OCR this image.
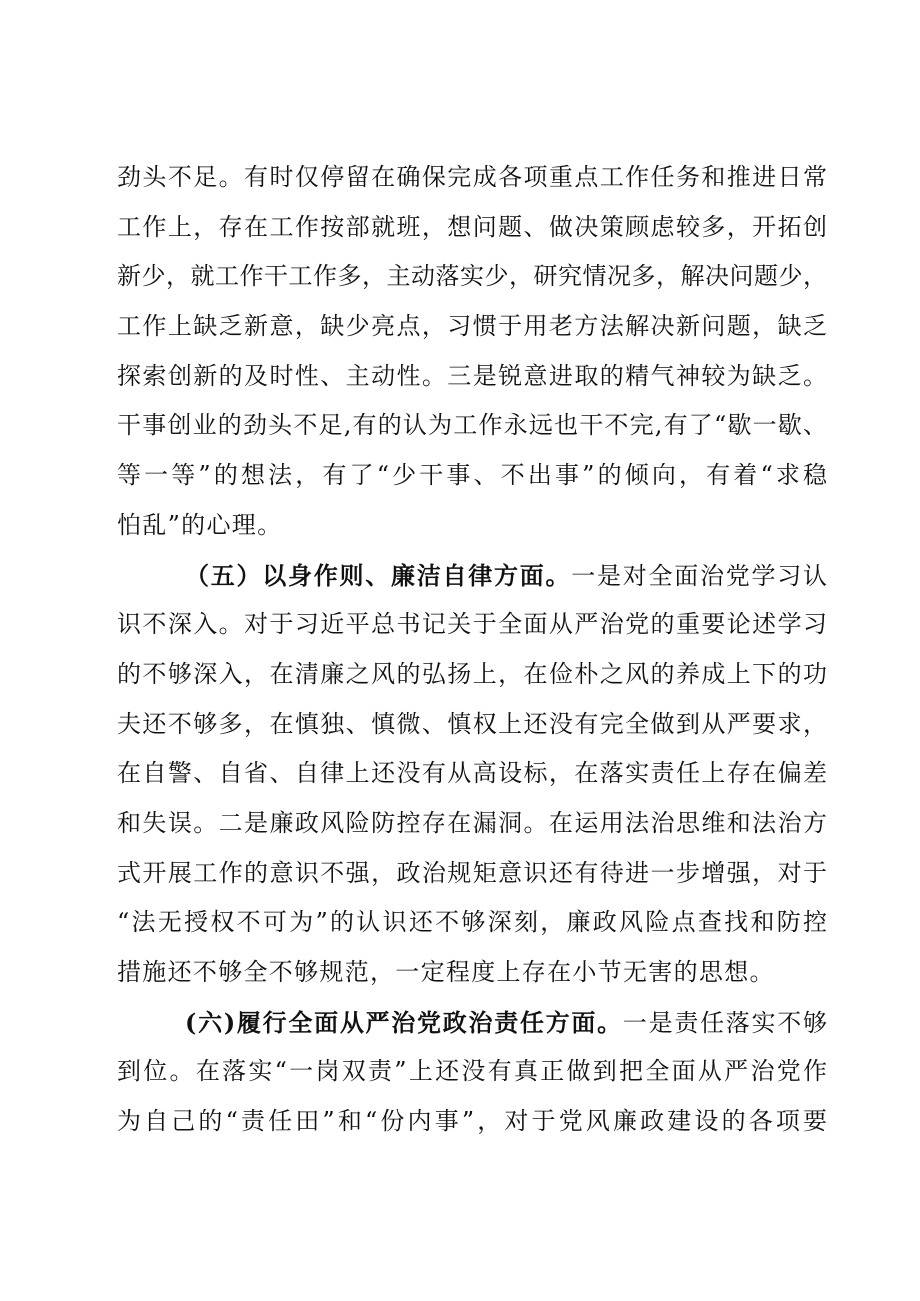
劲头不足。有时仅停留在确保完成各项重点工作任务和推进日常
工作上，存在工作按部就班，想问题、做决策顾虑较多，开拓创
新少，就工作干工作多，主动落实少，研究情况多，解决问题少，
工作上缺乏新意，缺少亮点，习惯于用老方法解决新问题，缺乏
探索创新的及时性、主动性。三是锐意进取的精气神较为缺乏。
干事创业的劲头不足,有的认为工作永远也干不完,有了“歇一歇、
等一等”的想法，有了“少干事、不出事”的倾向，有着“求稳
怕乱”的心理。
（五）以身作则、廉洁自律方面。一是对全面治党学习认
识不深入。对于习近平总书记关于全面从严治党的重要论述学习
的不够深入，在清廉之风的弘扬上，在俭朴之风的养成上下的功
夫还不够多，在慎独、慎微、慎权上还没有完全做到从严要求，
在自警、自省、自律上还没有从高设标，在落实责任上存在偏差
和失误。二是廉政风险防控存在漏洞。在运用法治思维和法治方
式开展工作的意识不强，政治规矩意识还有待进一步增强，对于
“法无授权不可为”的认识还不够深刻，廉政风险点查找和防控
措施还不够全不够规范，一定程度上存在小节无害的思想。
(六)履行全面从严治党政治责任方面。一是责任落实不够
到位。在落实“一岗双责”上还没有真正做到把全面从严治党作
为自己的“责任田”和“份内事”，对于党风廉政建设的各项要
